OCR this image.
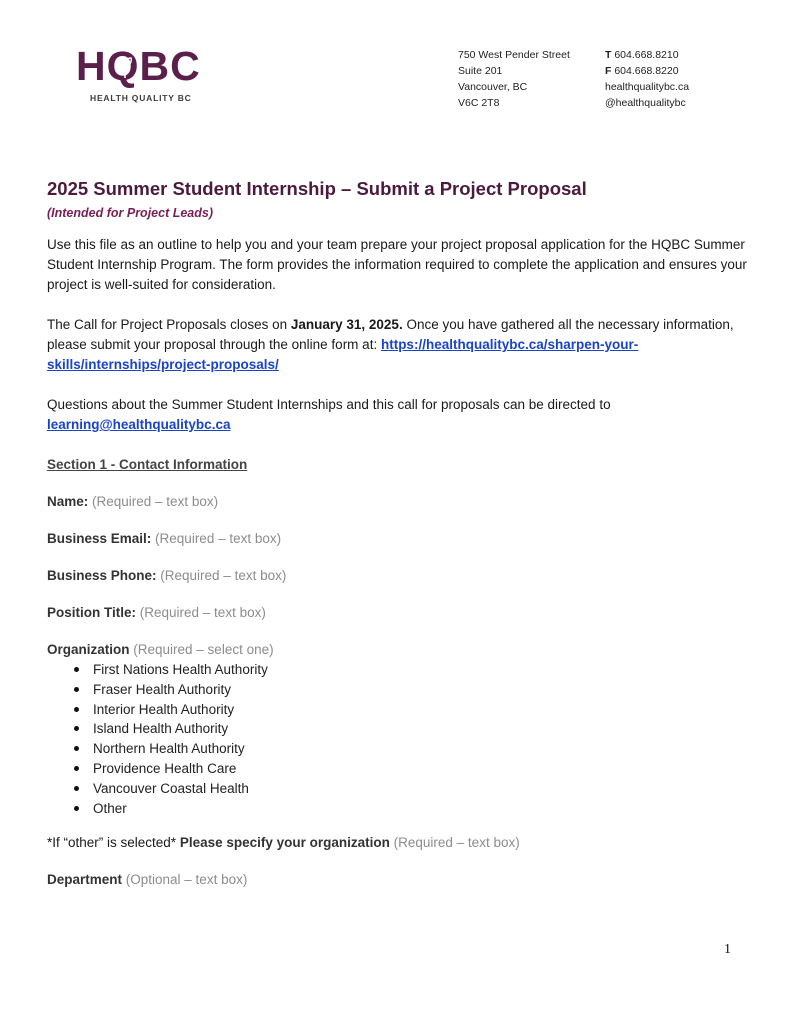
HQBC
HEALTH QUALITY BC
750 West Pender Street
Suite 201
Vancouver, BC
V6C 2T8
T 604.668.8210
F 604.668.8220
healthqualitybc.ca
@healthqualitybc
2025 Summer Student Internship – Submit a Project Proposal
(Intended for Project Leads)

Use this file as an outline to help you and your team prepare your project proposal application for the HQBC Summer Student Internship Program. The form provides the information required to complete the application and ensures your project is well-suited for consideration.

The Call for Project Proposals closes on January 31, 2025. Once you have gathered all the necessary information, please submit your proposal through the online form at: https://healthqualitybc.ca/sharpen-your-skills/internships/project-proposals/

Questions about the Summer Student Internships and this call for proposals can be directed to learning@healthqualitybc.ca

Section 1 - Contact Information
Name: (Required – text box)
Business Email: (Required – text box)
Business Phone: (Required – text box)
Position Title: (Required – text box)
Organization (Required – select one)
First Nations Health Authority
Fraser Health Authority
Interior Health Authority
Island Health Authority
Northern Health Authority
Providence Health Care
Vancouver Coastal Health
Other
*If “other” is selected* Please specify your organization (Required – text box)
Department (Optional – text box)
1
